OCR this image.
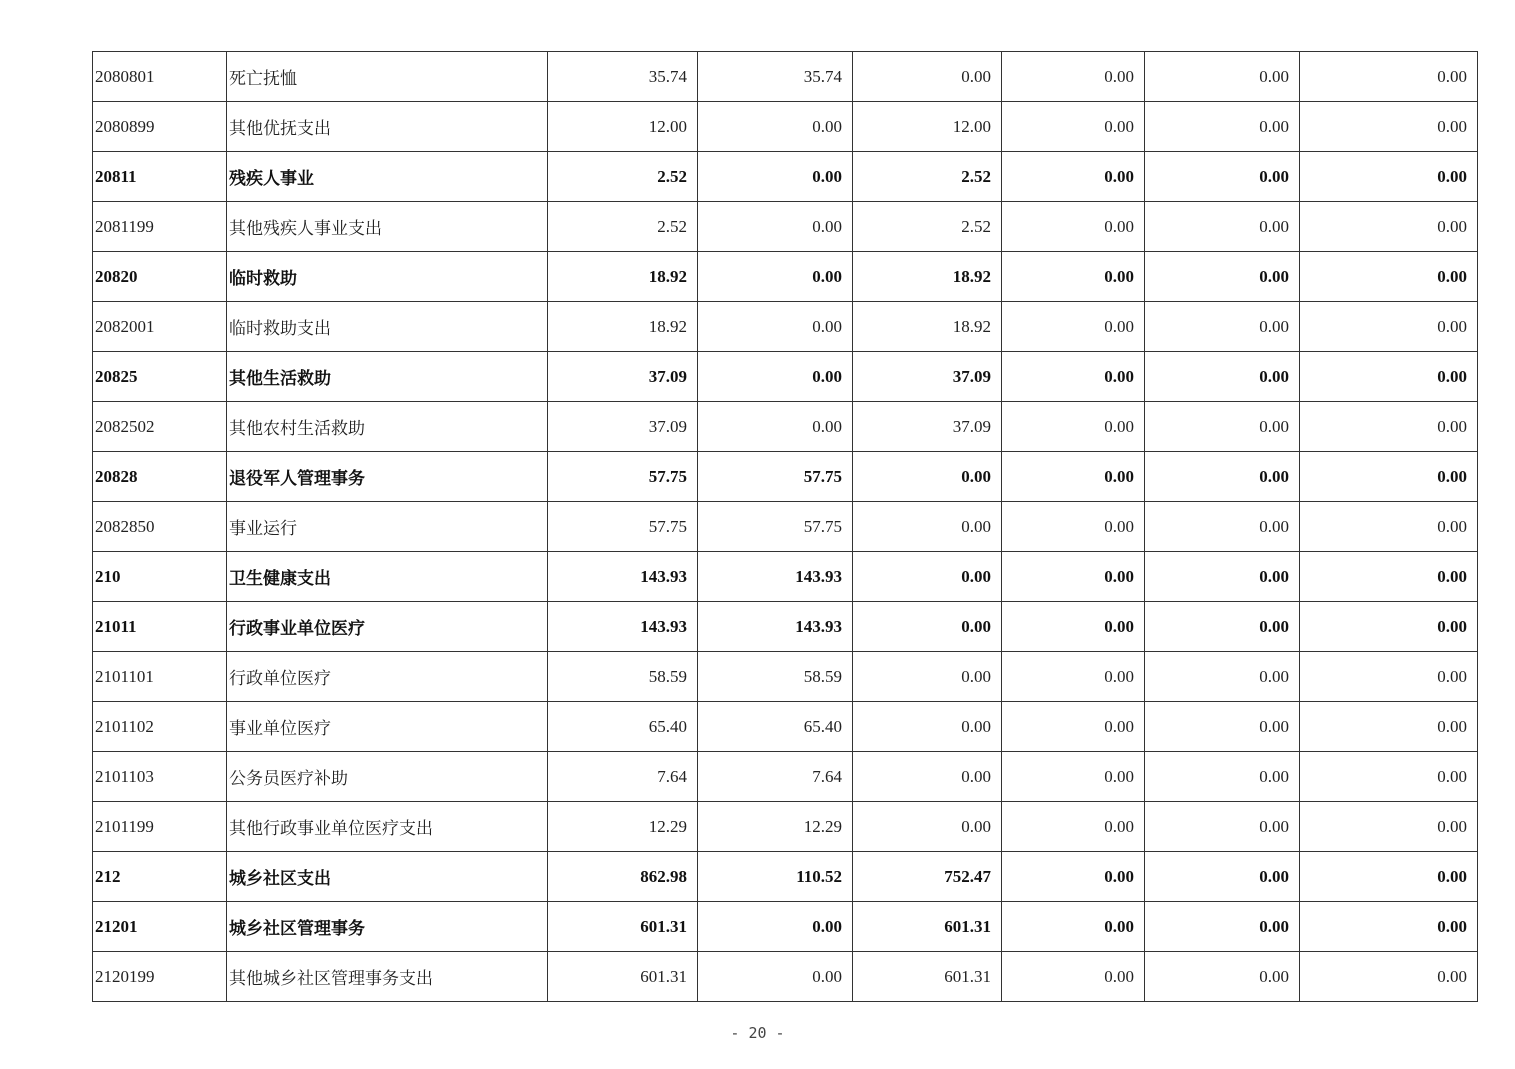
2080801	死亡抚恤	35.74	35.74	0.00	0.00	0.00	0.00
2080899	其他优抚支出	12.00	0.00	12.00	0.00	0.00	0.00
20811	残疾人事业	2.52	0.00	2.52	0.00	0.00	0.00
2081199	其他残疾人事业支出	2.52	0.00	2.52	0.00	0.00	0.00
20820	临时救助	18.92	0.00	18.92	0.00	0.00	0.00
2082001	临时救助支出	18.92	0.00	18.92	0.00	0.00	0.00
20825	其他生活救助	37.09	0.00	37.09	0.00	0.00	0.00
2082502	其他农村生活救助	37.09	0.00	37.09	0.00	0.00	0.00
20828	退役军人管理事务	57.75	57.75	0.00	0.00	0.00	0.00
2082850	事业运行	57.75	57.75	0.00	0.00	0.00	0.00
210	卫生健康支出	143.93	143.93	0.00	0.00	0.00	0.00
21011	行政事业单位医疗	143.93	143.93	0.00	0.00	0.00	0.00
2101101	行政单位医疗	58.59	58.59	0.00	0.00	0.00	0.00
2101102	事业单位医疗	65.40	65.40	0.00	0.00	0.00	0.00
2101103	公务员医疗补助	7.64	7.64	0.00	0.00	0.00	0.00
2101199	其他行政事业单位医疗支出	12.29	12.29	0.00	0.00	0.00	0.00
212	城乡社区支出	862.98	110.52	752.47	0.00	0.00	0.00
21201	城乡社区管理事务	601.31	0.00	601.31	0.00	0.00	0.00
2120199	其他城乡社区管理事务支出	601.31	0.00	601.31	0.00	0.00	0.00
- 20 -
